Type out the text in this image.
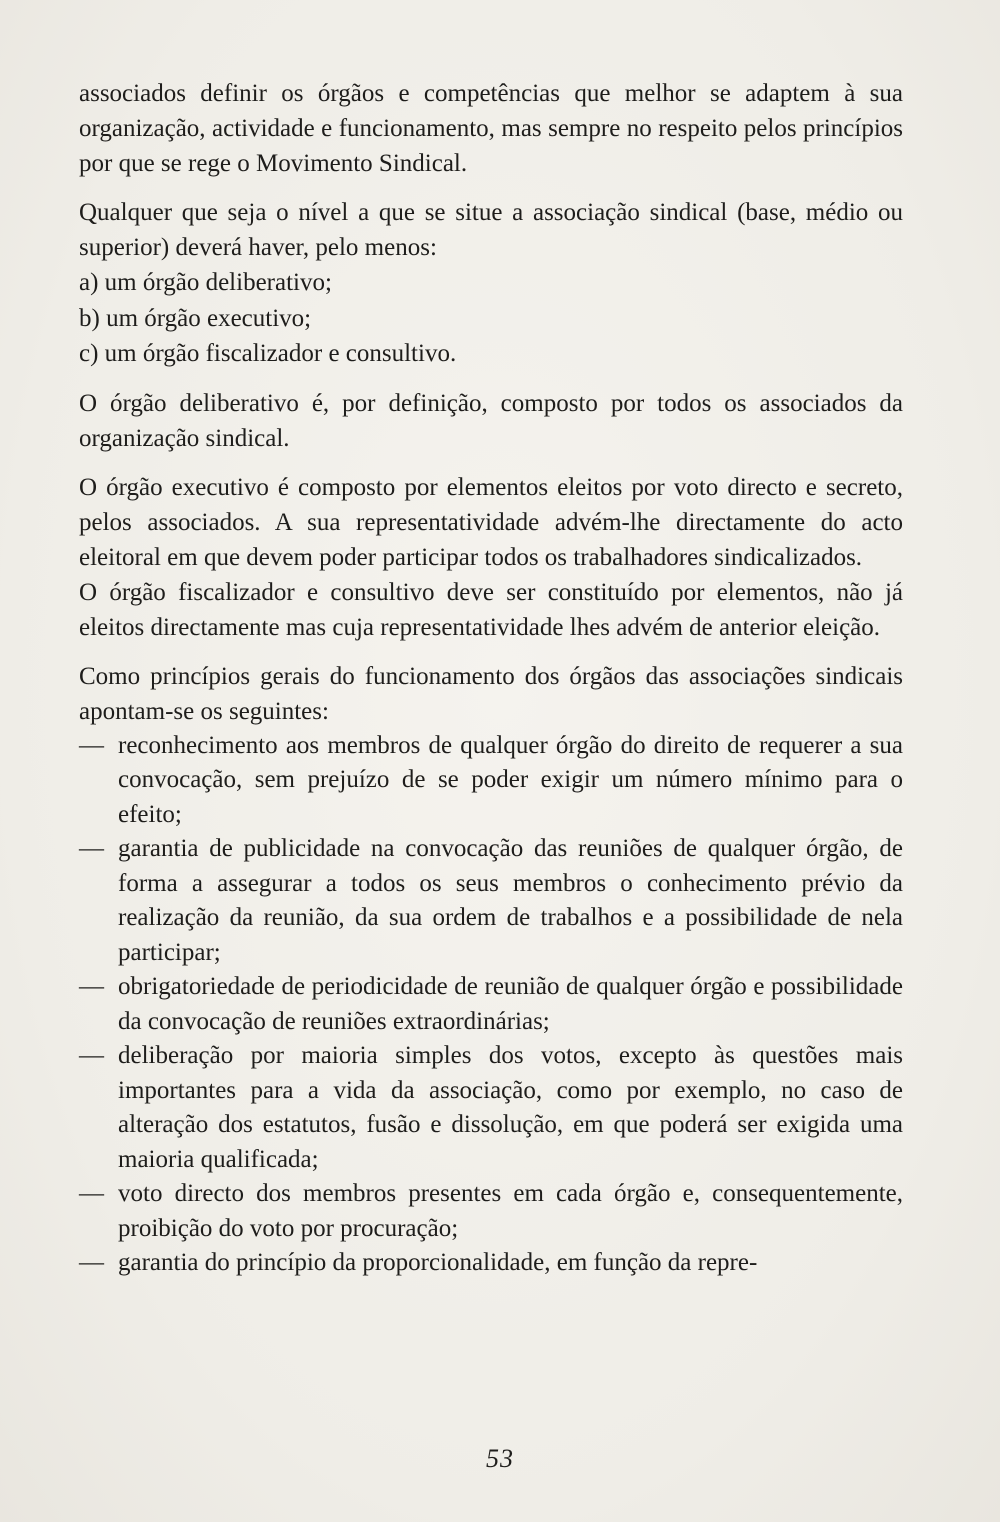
associados definir os órgãos e competências que melhor se adaptem à sua organização, actividade e funcionamento, mas sempre no respeito pelos princípios por que se rege o Movimento Sindical.

Qualquer que seja o nível a que se situe a associação sindical (base, médio ou superior) deverá haver, pelo menos:

a) um órgão deliberativo;
b) um órgão executivo;
c) um órgão fiscalizador e consultivo.

O órgão deliberativo é, por definição, composto por todos os associados da organização sindical.

O órgão executivo é composto por elementos eleitos por voto directo e secreto, pelos associados. A sua representatividade advém-lhe directamente do acto eleitoral em que devem poder participar todos os trabalhadores sindicalizados.

O órgão fiscalizador e consultivo deve ser constituído por elementos, não já eleitos directamente mas cuja representatividade lhes advém de anterior eleição.

Como princípios gerais do funcionamento dos órgãos das associações sindicais apontam-se os seguintes:

— reconhecimento aos membros de qualquer órgão do direito de requerer a sua convocação, sem prejuízo de se poder exigir um número mínimo para o efeito;
— garantia de publicidade na convocação das reuniões de qualquer órgão, de forma a assegurar a todos os seus membros o conhecimento prévio da realização da reunião, da sua ordem de trabalhos e a possibilidade de nela participar;
— obrigatoriedade de periodicidade de reunião de qualquer órgão e possibilidade da convocação de reuniões extraordinárias;
— deliberação por maioria simples dos votos, excepto às questões mais importantes para a vida da associação, como por exemplo, no caso de alteração dos estatutos, fusão e dissolução, em que poderá ser exigida uma maioria qualificada;
— voto directo dos membros presentes em cada órgão e, consequentemente, proibição do voto por procuração;
— garantia do princípio da proporcionalidade, em função da repre-
53
